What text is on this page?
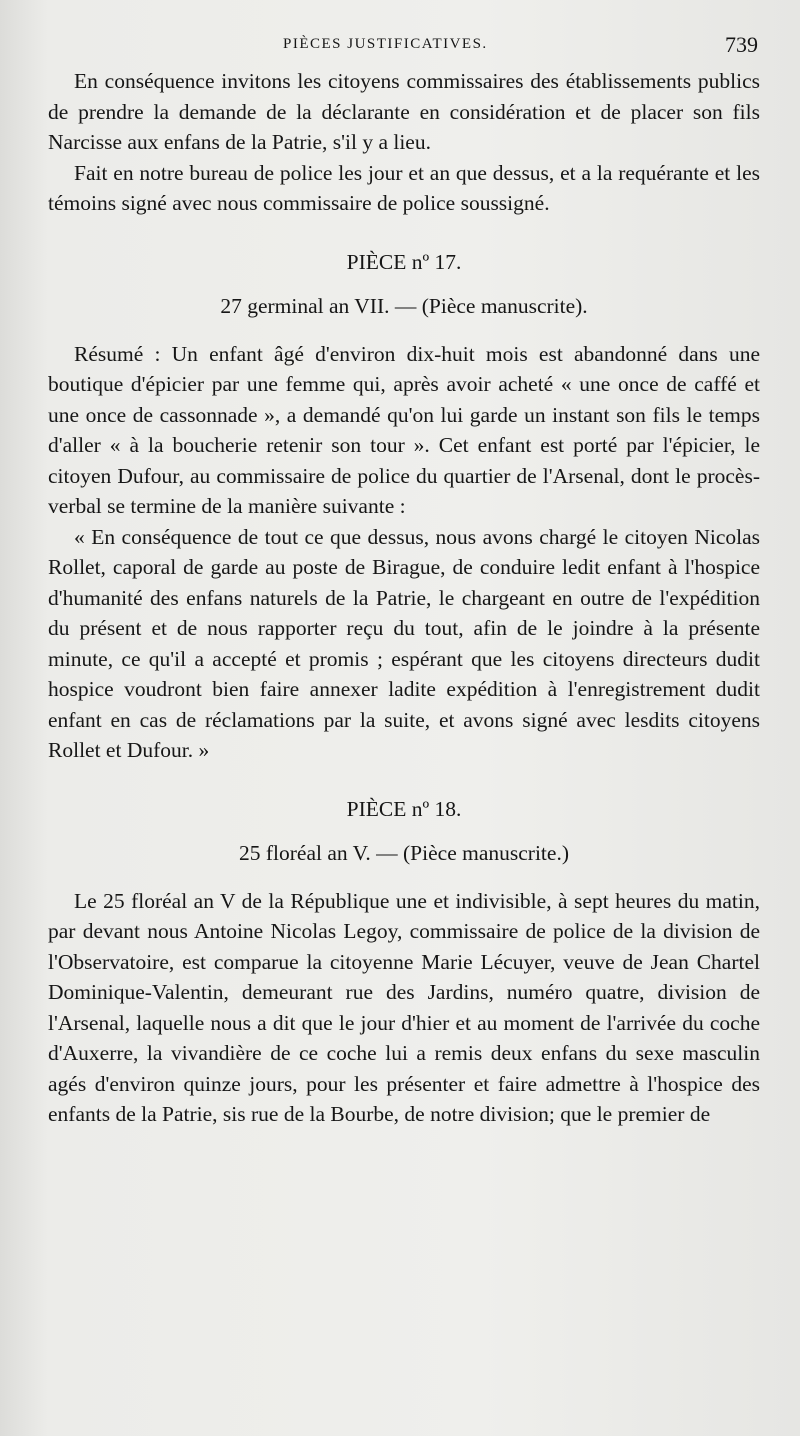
PIÈCES JUSTIFICATIVES.	739

En conséquence invitons les citoyens commissaires des établissements publics de prendre la demande de la déclarante en considération et de placer son fils Narcisse aux enfans de la Patrie, s'il y a lieu.

Fait en notre bureau de police les jour et an que dessus, et a la requérante et les témoins signé avec nous commissaire de police soussigné.

PIÈCE nº 17.

27 germinal an VII. — (Pièce manuscrite).

Résumé : Un enfant âgé d'environ dix-huit mois est abandonné dans une boutique d'épicier par une femme qui, après avoir acheté « une once de caffé et une once de cassonnade », a demandé qu'on lui garde un instant son fils le temps d'aller « à la boucherie retenir son tour ». Cet enfant est porté par l'épicier, le citoyen Dufour, au commissaire de police du quartier de l'Arsenal, dont le procès-verbal se termine de la manière suivante :

« En conséquence de tout ce que dessus, nous avons chargé le citoyen Nicolas Rollet, caporal de garde au poste de Birague, de conduire ledit enfant à l'hospice d'humanité des enfans naturels de la Patrie, le chargeant en outre de l'expédition du présent et de nous rapporter reçu du tout, afin de le joindre à la présente minute, ce qu'il a accepté et promis ; espérant que les citoyens directeurs dudit hospice voudront bien faire annexer ladite expédition à l'enregistrement dudit enfant en cas de réclamations par la suite, et avons signé avec lesdits citoyens Rollet et Dufour. »

PIÈCE nº 18.

25 floréal an V. — (Pièce manuscrite.)

Le 25 floréal an V de la République une et indivisible, à sept heures du matin, par devant nous Antoine Nicolas Legoy, commissaire de police de la division de l'Observatoire, est comparue la citoyenne Marie Lécuyer, veuve de Jean Chartel Dominique-Valentin, demeurant rue des Jardins, numéro quatre, division de l'Arsenal, laquelle nous a dit que le jour d'hier et au moment de l'arrivée du coche d'Auxerre, la vivandière de ce coche lui a remis deux enfans du sexe masculin agés d'environ quinze jours, pour les présenter et faire admettre à l'hospice des enfants de la Patrie, sis rue de la Bourbe, de notre division; que le premier de
